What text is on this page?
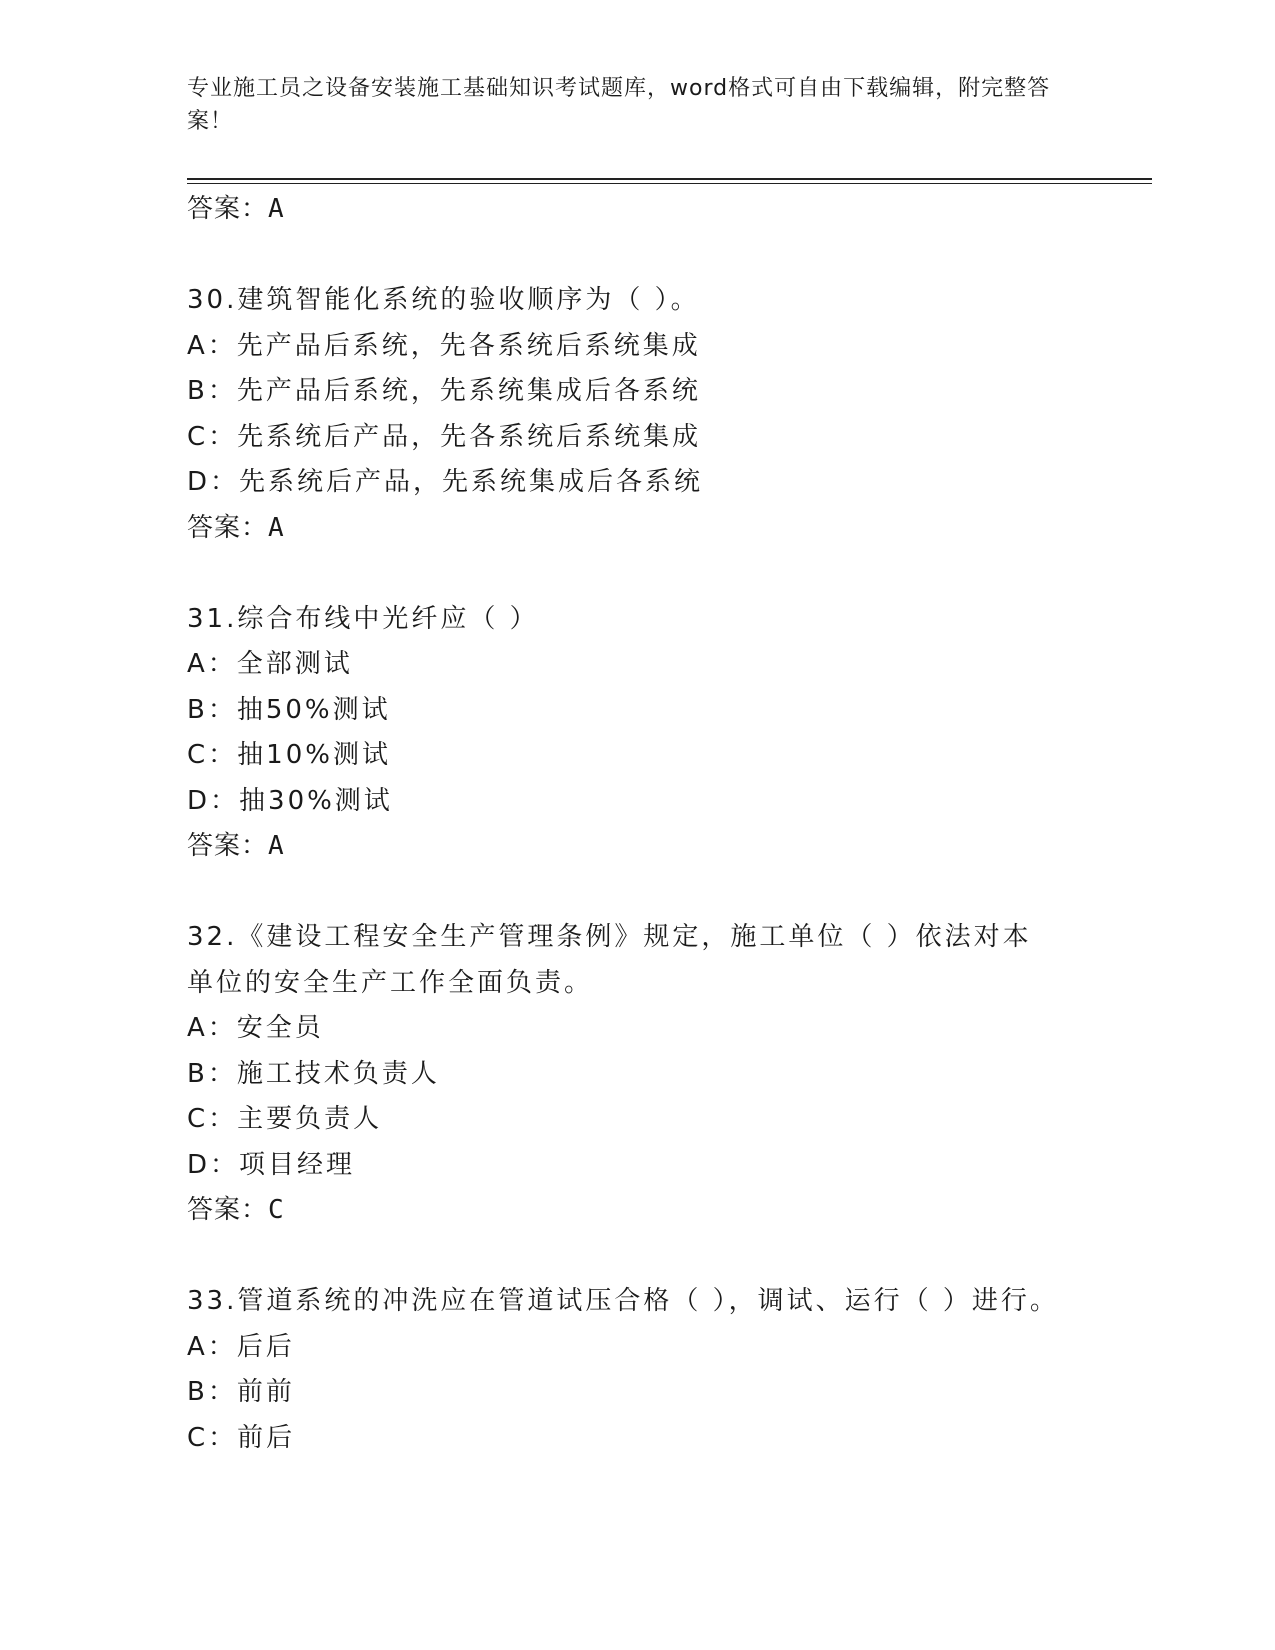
专业施工员之设备安装施工基础知识考试题库，word格式可自由下载编辑，附完整答案！
答案：A
30.建筑智能化系统的验收顺序为（ ）。
A：先产品后系统，先各系统后系统集成
B：先产品后系统，先系统集成后各系统
C：先系统后产品，先各系统后系统集成
D：先系统后产品，先系统集成后各系统
答案：A
31.综合布线中光纤应（ ）
A：全部测试
B：抽50%测试
C：抽10%测试
D：抽30%测试
答案：A
32.《建设工程安全生产管理条例》规定，施工单位（ ）依法对本单位的安全生产工作全面负责。
A：安全员
B：施工技术负责人
C：主要负责人
D：项目经理
答案：C
33.管道系统的冲洗应在管道试压合格（ ），调试、运行（ ）进行。
A：后后
B：前前
C：前后
